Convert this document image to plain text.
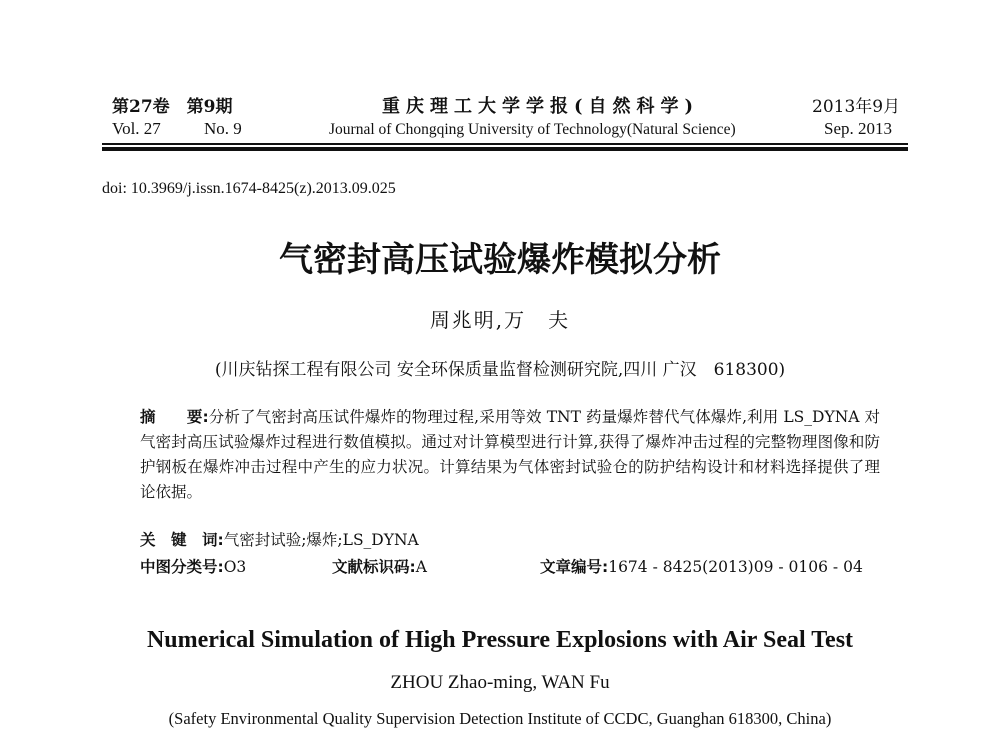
第27卷　第9期	重庆理工大学学报(自然科学)	2013年9月
Vol. 27	No. 9	Journal of Chongqing University of Technology(Natural Science)	Sep. 2013
doi: 10.3969/j.issn.1674-8425(z).2013.09.025
气密封高压试验爆炸模拟分析
周兆明,万　夫
(川庆钻探工程有限公司 安全环保质量监督检测研究院,四川 广汉　618300)
摘　　要:分析了气密封高压试件爆炸的物理过程,采用等效 TNT 药量爆炸替代气体爆炸,利用 LS_DYNA 对气密封高压试验爆炸过程进行数值模拟。通过对计算模型进行计算,获得了爆炸冲击过程的完整物理图像和防护钢板在爆炸冲击过程中产生的应力状况。计算结果为气体密封试验仓的防护结构设计和材料选择提供了理论依据。
关　键　词:气密封试验;爆炸;LS_DYNA
中图分类号:O3	文献标识码:A	文章编号:1674 - 8425(2013)09 - 0106 - 04
Numerical Simulation of High Pressure Explosions with Air Seal Test
ZHOU Zhao-ming, WAN Fu
(Safety Environmental Quality Supervision Detection Institute of CCDC, Guanghan 618300, China)
